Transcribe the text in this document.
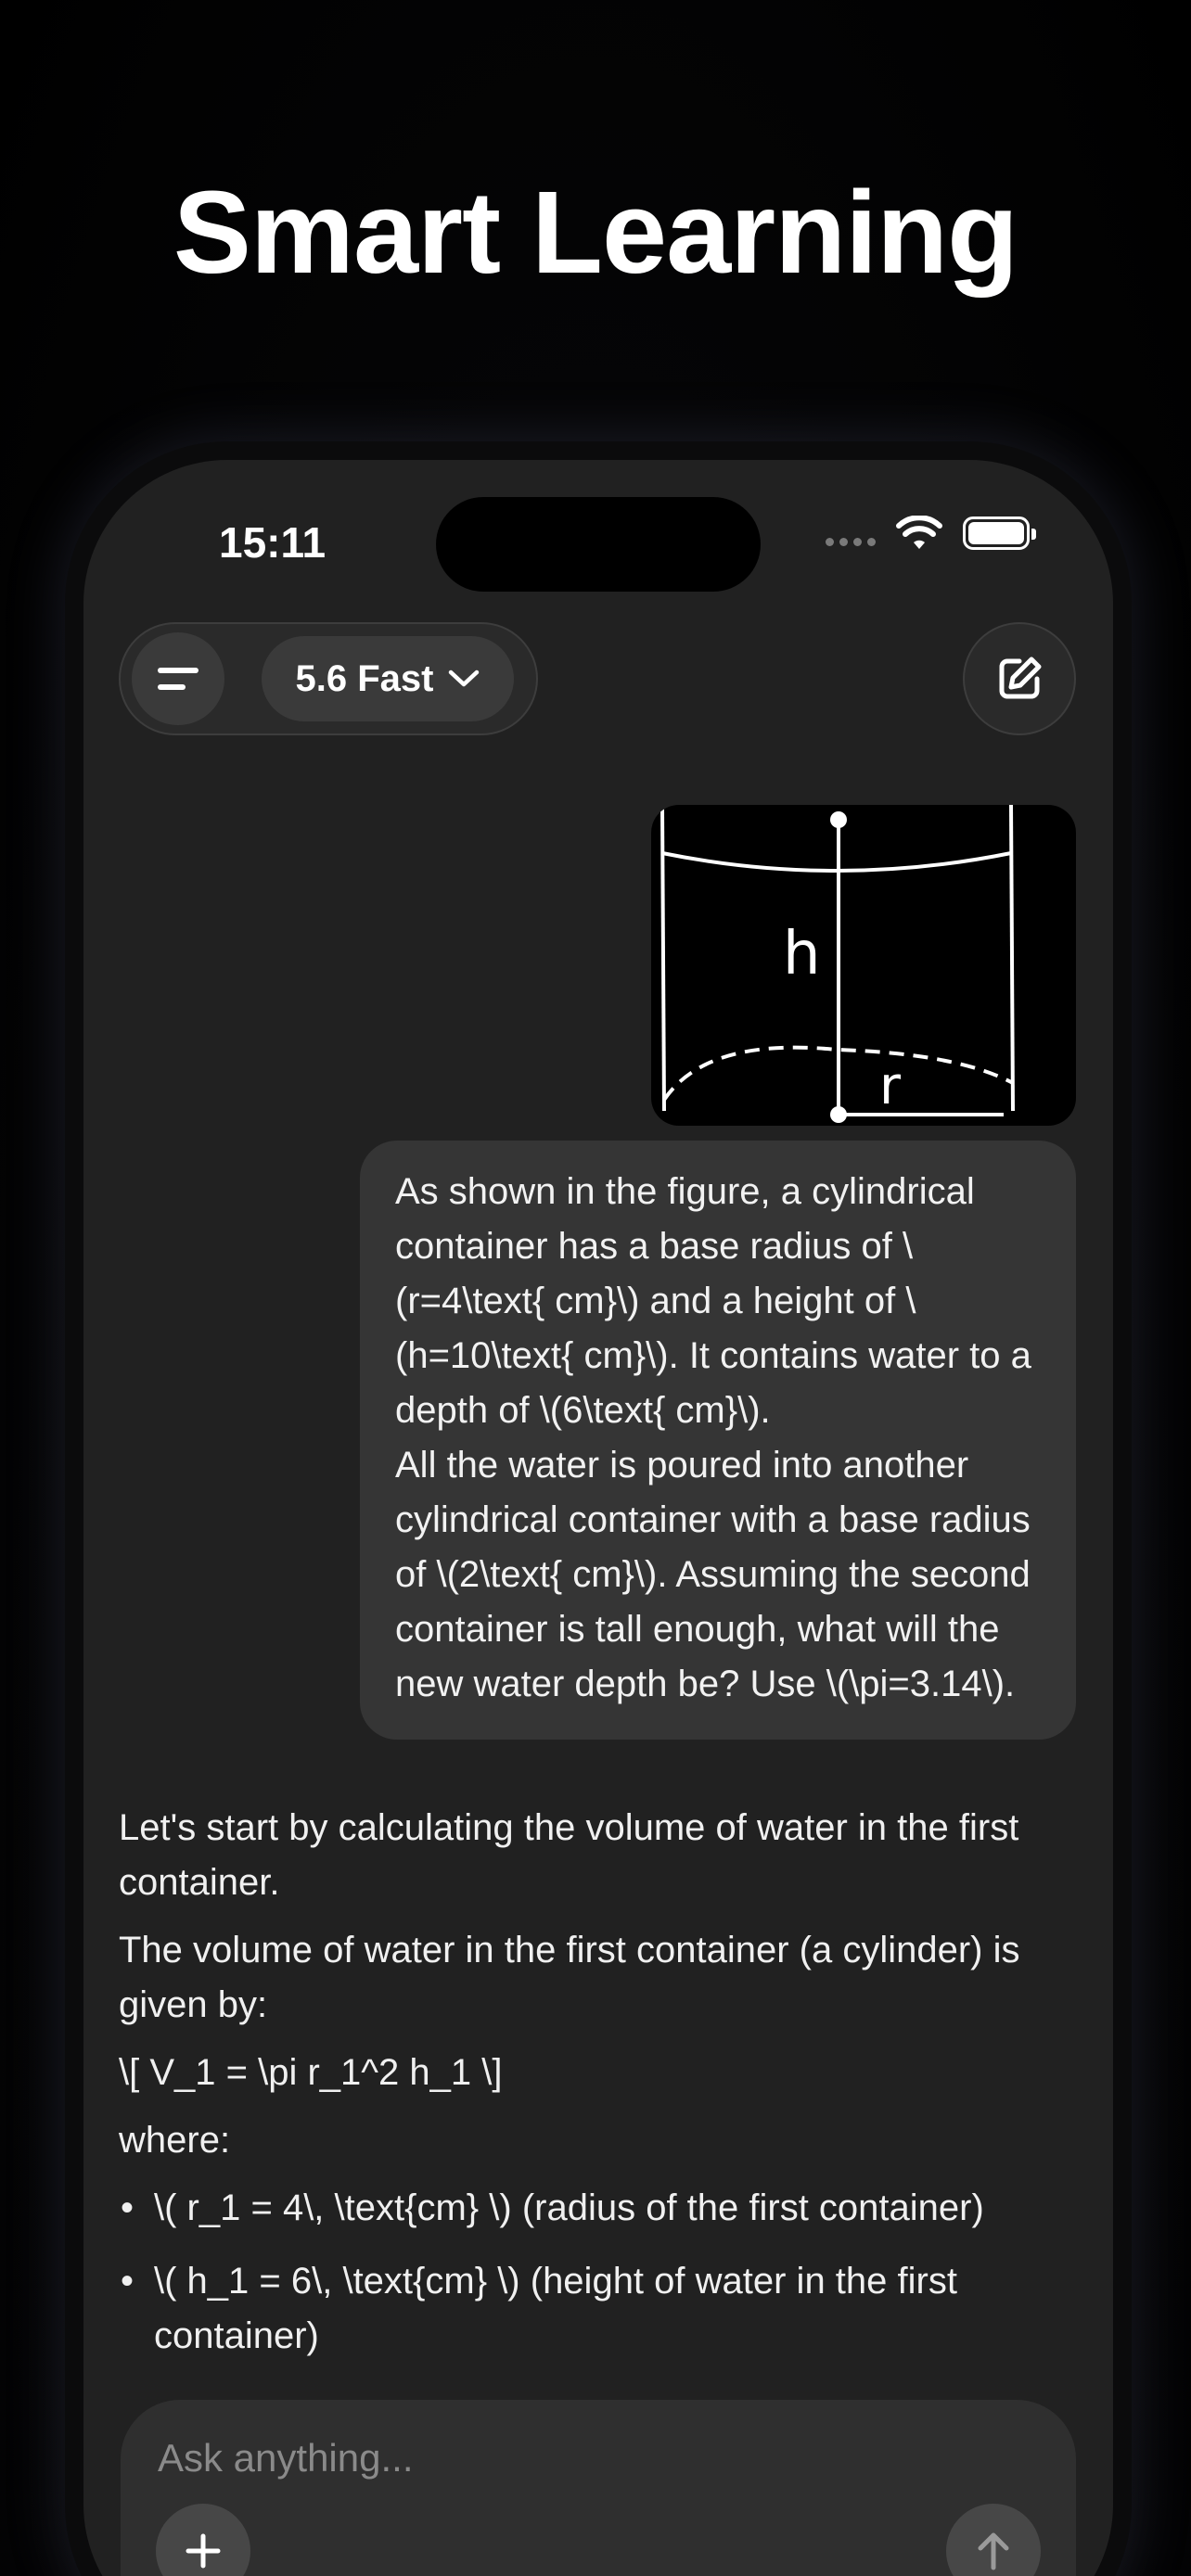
Smart Learning
15:11
5.6 Fast
h
r

As shown in the figure, a cylindrical container has a base radius of \(r=4\text{ cm}\) and a height of \(h=10\text{ cm}\). It contains water to a depth of \(6\text{ cm}\).

All the water is poured into another cylindrical container with a base radius of \(2\text{ cm}\). Assuming the second container is tall enough, what will the new water depth be? Use \(\pi=3.14\).

Let's start by calculating the volume of water in the first container.

The volume of water in the first container (a cylinder) is given by:

\[ V_1 = \pi r_1^2 h_1 \]

where:

• \( r_1 = 4\, \text{cm} \) (radius of the first container)
• \( h_1 = 6\, \text{cm} \) (height of water in the first container)
Ask anything...
